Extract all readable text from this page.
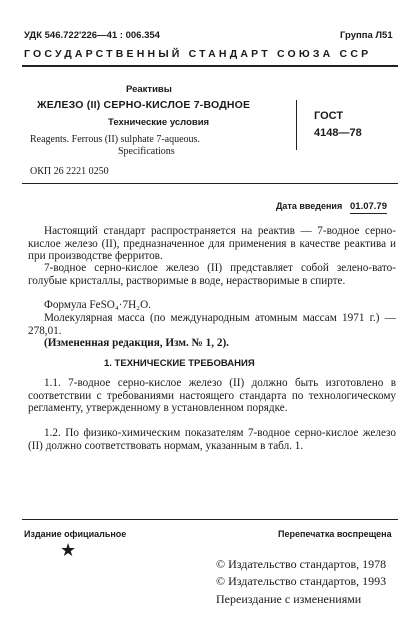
УДК 546.722'226—41 : 006.354	Группа Л51
ГОСУДАРСТВЕННЫЙ СТАНДАРТ СОЮЗА ССР
Реактивы
ЖЕЛЕЗО (II) СЕРНО-КИСЛОЕ 7-ВОДНОЕ
Технические условия
Reagents. Ferrous (II) sulphate 7-aqueous.
Specifications
ГОСТ
4148—78
ОКП 26 2221 0250
Дата введения 01.07.79
Настоящий стандарт распространяется на реактив — 7-водное серно-кислое железо (II), предназначенное для применения в качестве реактива и при производстве ферритов.
7-водное серно-кислое железо (II) представляет собой зелено-вато-голубые кристаллы, растворимые в воде, нерастворимые в спирте.
Формула FeSO₄·7H₂O.
Молекулярная масса (по международным атомным массам 1971 г.) — 278,01.
(Измененная редакция, Изм. № 1, 2).
1. ТЕХНИЧЕСКИЕ ТРЕБОВАНИЯ
1.1. 7-водное серно-кислое железо (II) должно быть изготовлено в соответствии с требованиями настоящего стандарта по технологическому регламенту, утвержденному в установленном порядке.
1.2. По физико-химическим показателям 7-водное серно-кислое железо (II) должно соответствовать нормам, указанным в табл. 1.
Издание официальное	Перепечатка воспрещена
★
© Издательство стандартов, 1978
© Издательство стандартов, 1993
Переиздание с изменениями
